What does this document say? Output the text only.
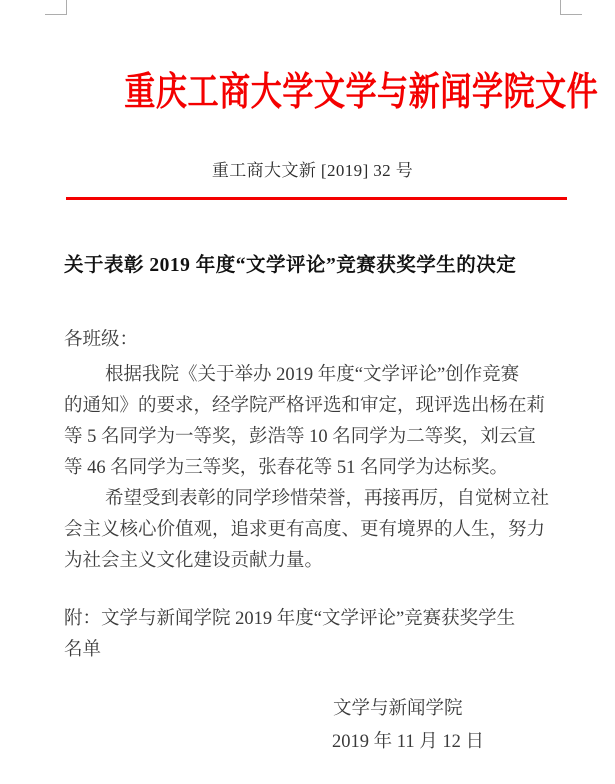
重庆工商大学文学与新闻学院文件
重工商大文新 [2019] 32 号
关于表彰 2019 年度“文学评论”竞赛获奖学生的决定
各班级：
根据我院《关于举办 2019 年度“文学评论”创作竞赛
的通知》的要求，经学院严格评选和审定，现评选出杨在莉
等 5 名同学为一等奖，彭浩等 10 名同学为二等奖，刘云宣
等 46 名同学为三等奖，张春花等 51 名同学为达标奖。
希望受到表彰的同学珍惜荣誉，再接再厉，自觉树立社
会主义核心价值观，追求更有高度、更有境界的人生，努力
为社会主义文化建设贡献力量。
附：文学与新闻学院 2019 年度“文学评论”竞赛获奖学生
名单
文学与新闻学院
2019 年 11 月 12 日
